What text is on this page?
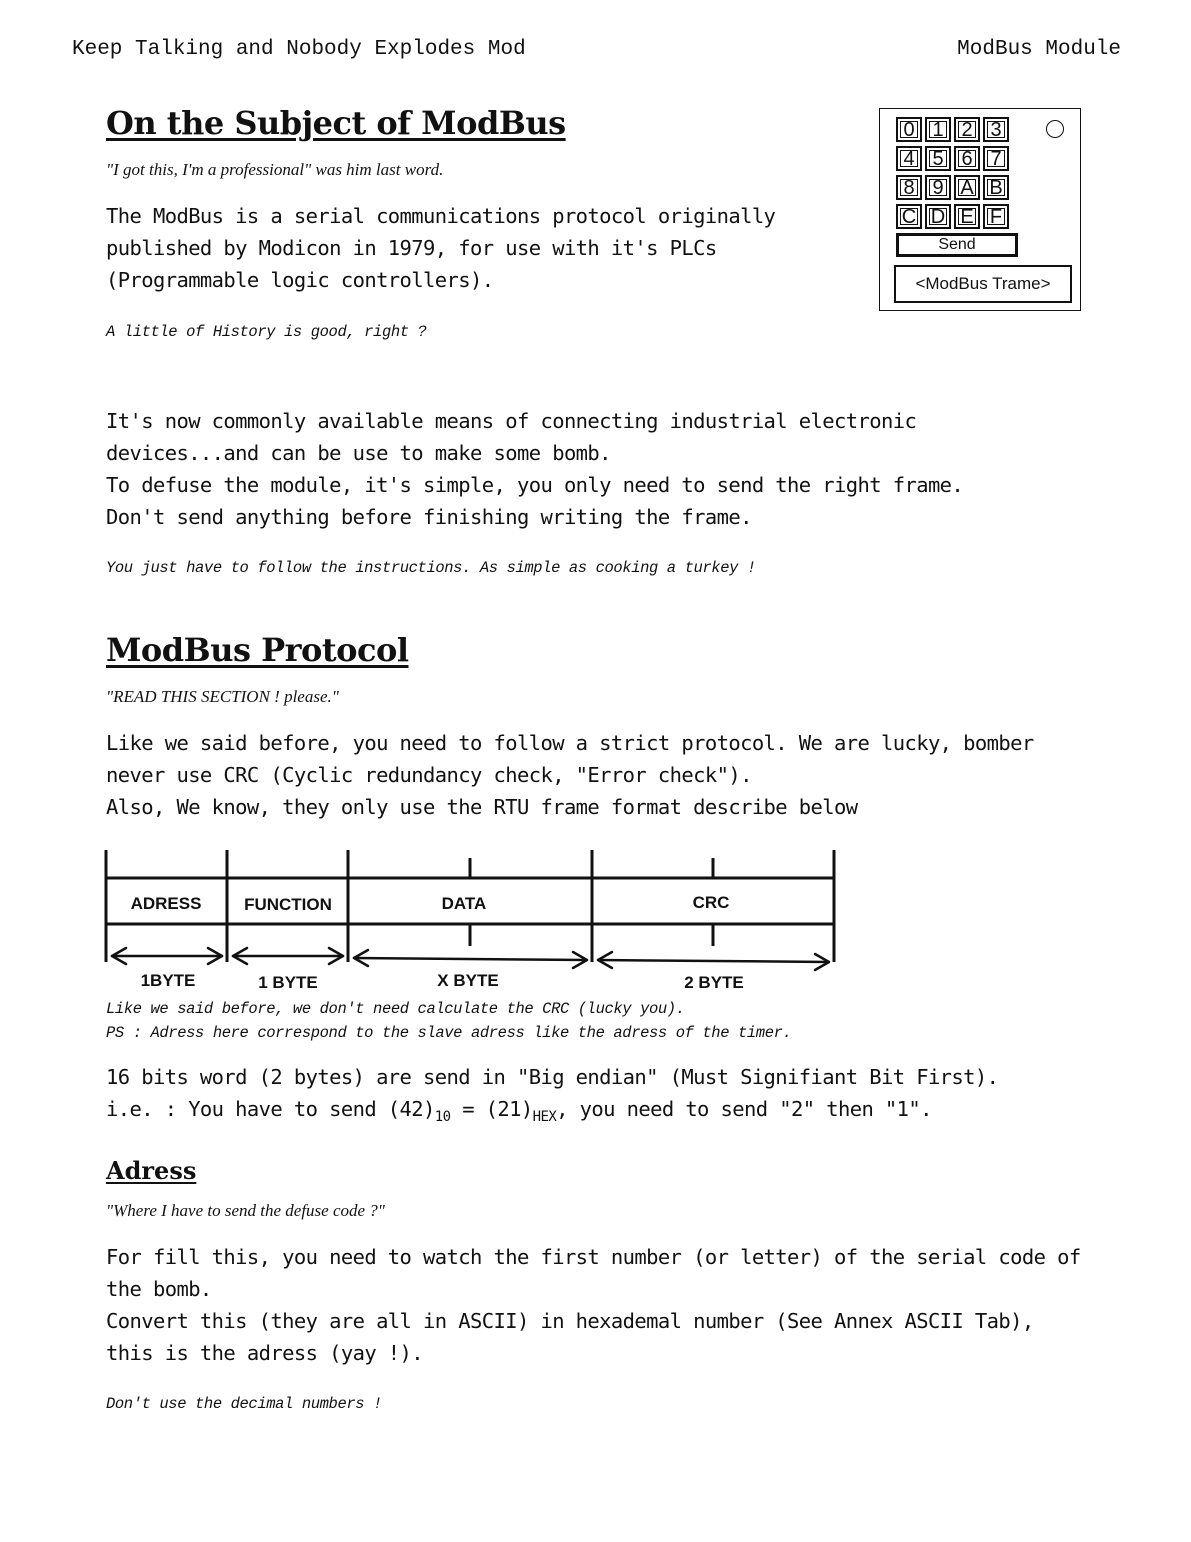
Keep Talking and Nobody Explodes Mod	ModBus Module
On the Subject of ModBus
"I got this, I'm a professional" was him last word.
The ModBus is a serial communications protocol originally
published by Modicon in 1979, for use with it's PLCs
(Programmable logic controllers).
A little of History is good, right ?
It's now commonly available means of connecting industrial electronic
devices...and can be use to make some bomb.
To defuse the module, it's simple, you only need to send the right frame.
Don't send anything before finishing writing the frame.
You just have to follow the instructions. As simple as cooking a turkey !
ModBus Protocol
"READ THIS SECTION ! please."
Like we said before, you need to follow a strict protocol. We are lucky, bomber
never use CRC (Cyclic redundancy check, "Error check").
Also, We know, they only use the RTU frame format describe below
Like we said before, we don't need calculate the CRC (lucky you).
PS : Adress here correspond to the slave adress like the adress of the timer.
16 bits word (2 bytes) are send in "Big endian" (Must Signifiant Bit First).
i.e. : You have to send $(42)_{10} = (21)_{HEX}$, you need to send "2" then "1".
Adress
"Where I have to send the defuse code ?"
For fill this, you need to watch the first number (or letter) of the serial code of
the bomb.
Convert this (they are all in ASCII) in hexademal number (See Annex ASCII Tab),
this is the adress (yay !).
Don't use the decimal numbers !
0 1 2 3
4 5 6 7
8 9 A B
C D E F
Send
<ModBus Trame>
ADRESS	FUNCTION	DATA	CRC
1BYTE	1 BYTE	X BYTE	2 BYTE
